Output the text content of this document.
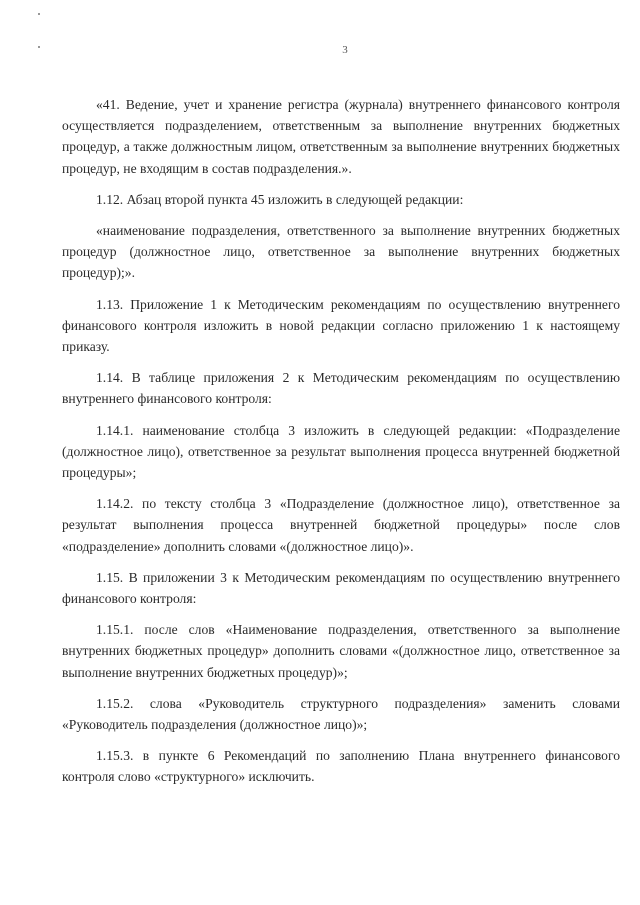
3

«41. Ведение, учет и хранение регистра (журнала) внутреннего финансового контроля осуществляется подразделением, ответственным за выполнение внутренних бюджетных процедур, а также должностным лицом, ответственным за выполнение внутренних бюджетных процедур, не входящим в состав подразделения.».

1.12. Абзац второй пункта 45 изложить в следующей редакции:

«наименование подразделения, ответственного за выполнение внутренних бюджетных процедур (должностное лицо, ответственное за выполнение внутренних бюджетных процедур);».

1.13. Приложение 1 к Методическим рекомендациям по осуществлению внутреннего финансового контроля изложить в новой редакции согласно приложению 1 к настоящему приказу.

1.14. В таблице приложения 2 к Методическим рекомендациям по осуществлению внутреннего финансового контроля:

1.14.1. наименование столбца 3 изложить в следующей редакции: «Подразделение (должностное лицо), ответственное за результат выполнения процесса внутренней бюджетной процедуры»;

1.14.2. по тексту столбца 3 «Подразделение (должностное лицо), ответственное за результат выполнения процесса внутренней бюджетной процедуры» после слов «подразделение» дополнить словами «(должностное лицо)».

1.15. В приложении 3 к Методическим рекомендациям по осуществлению внутреннего финансового контроля:

1.15.1. после слов «Наименование подразделения, ответственного за выполнение внутренних бюджетных процедур» дополнить словами «(должностное лицо, ответственное за выполнение внутренних бюджетных процедур)»;

1.15.2. слова «Руководитель структурного подразделения» заменить словами «Руководитель подразделения (должностное лицо)»;

1.15.3. в пункте 6 Рекомендаций по заполнению Плана внутреннего финансового контроля слово «структурного» исключить.
